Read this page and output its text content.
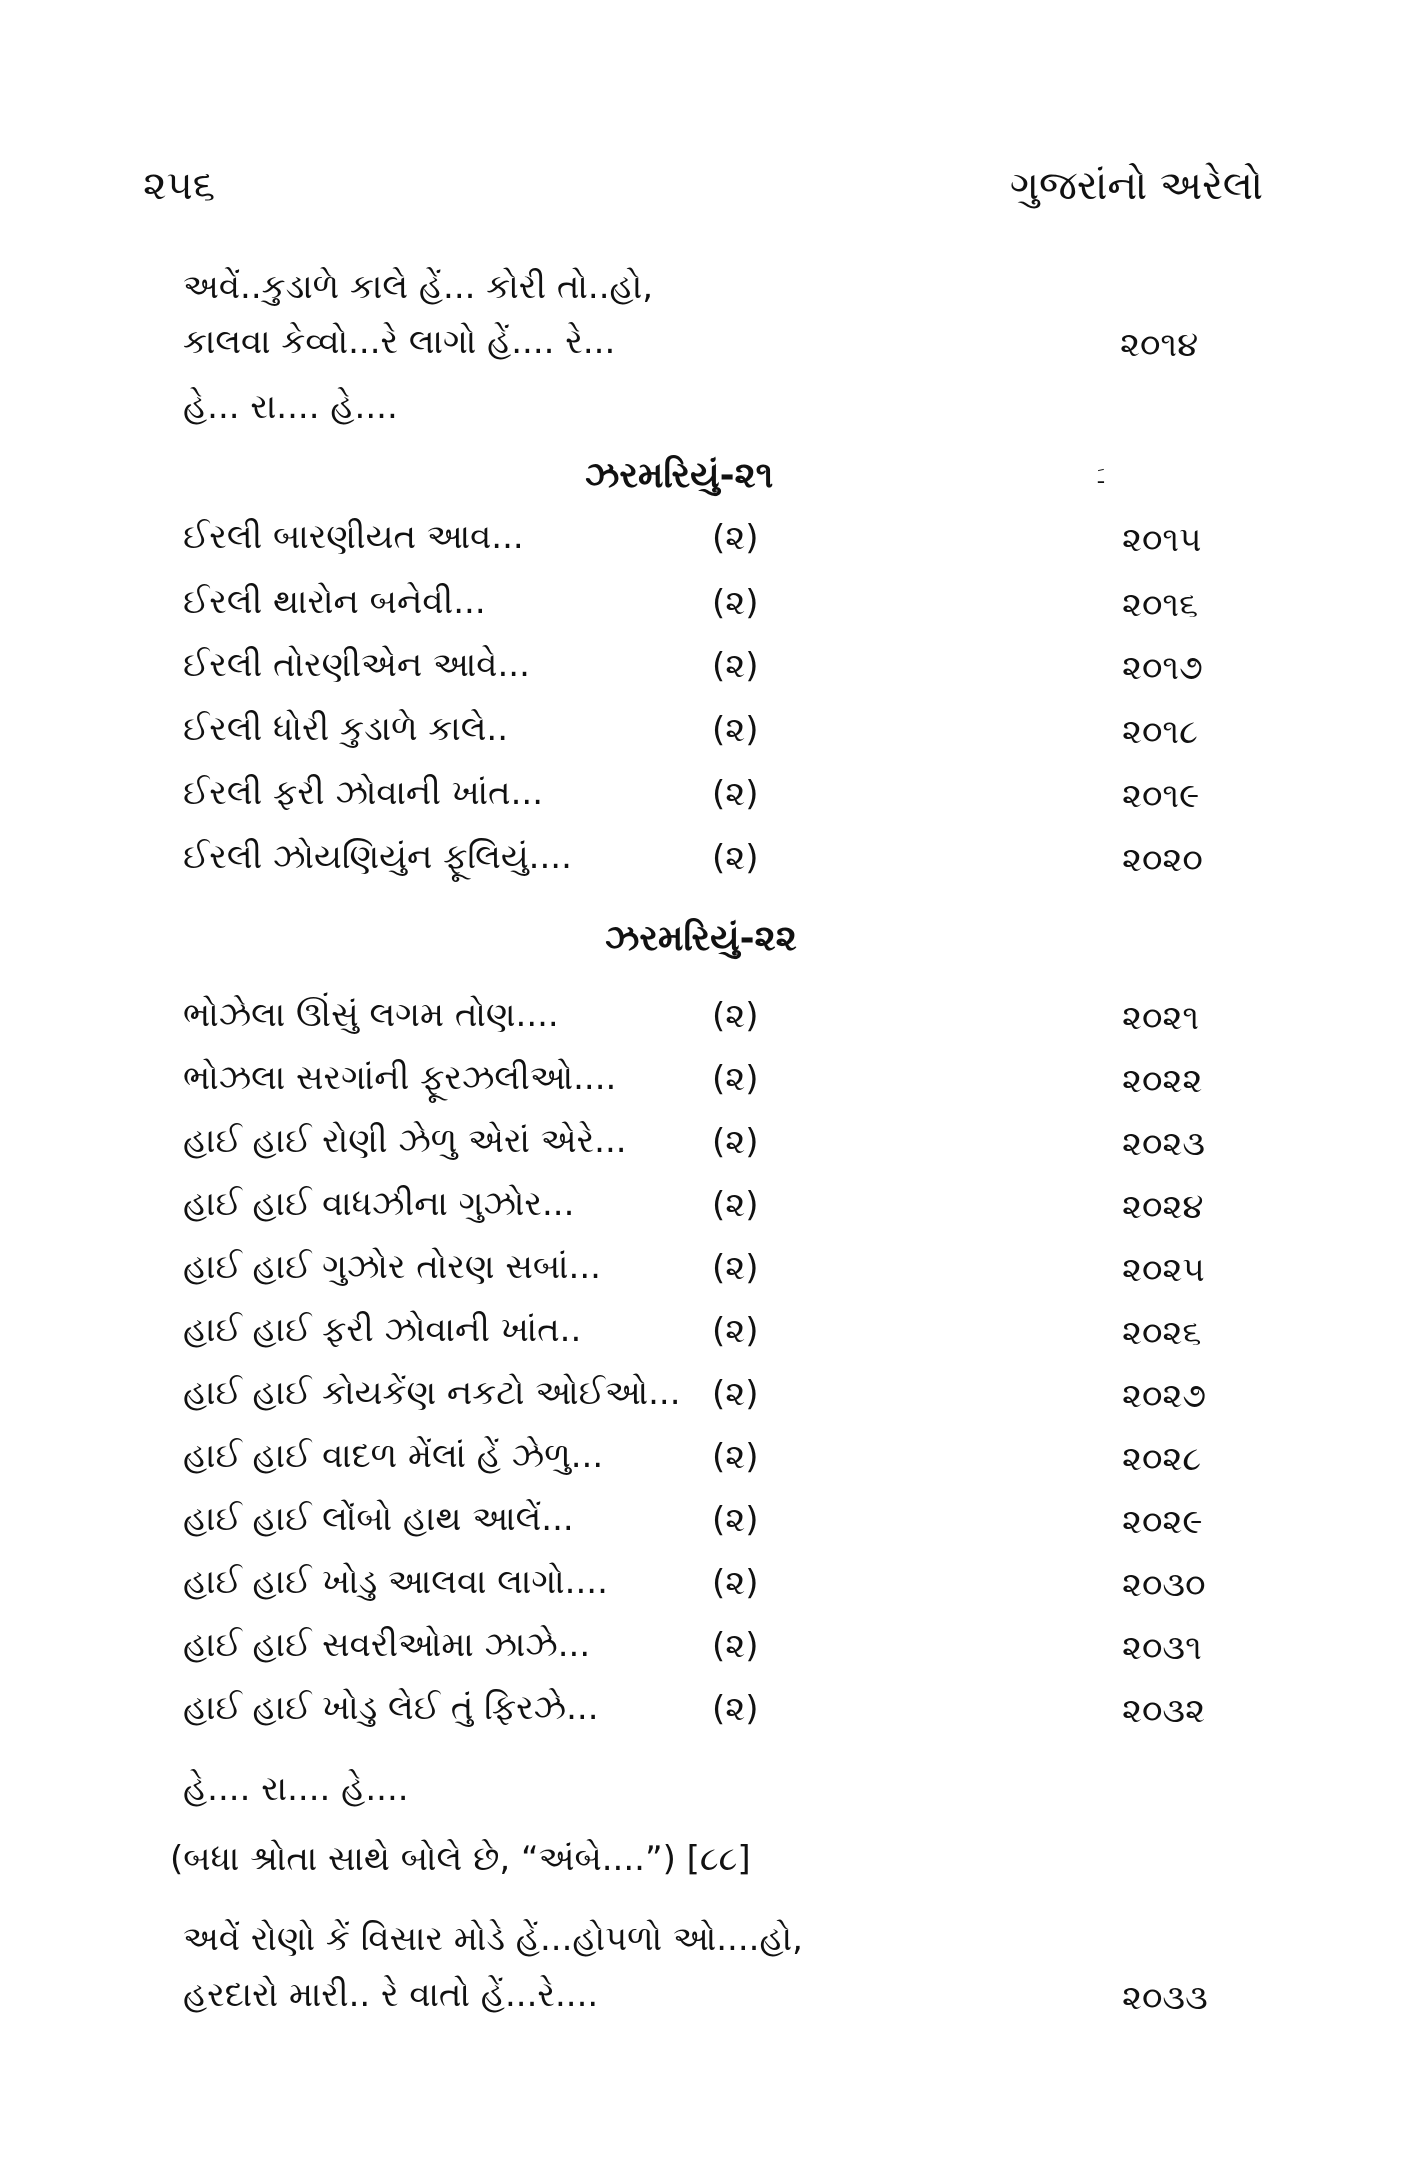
૨૫૬	ગુજરાંનો અરેલો
અવેં..કુડાળે કાલે હેં... કોરી તો..હો,
કાલવા કેવ્વો...રે લાગો હેં.... રે...	૨૦૧૪
હે... રા.... હે....
ઝરમરિયું-૨૧	ﹷ
ઈરલી બારણીયત આવ...	(૨)	૨૦૧૫
ઈરલી થારોન બનેવી...	(૨)	૨૦૧૬
ઈરલી તોરણીએન આવે...	(૨)	૨૦૧૭
ઈરલી ધોરી કુડાળે કાલે..	(૨)	૨૦૧૮
ઈરલી ફરી ઝોવાની ખાંત...	(૨)	૨૦૧૯
ઈરલી ઝોયણિયુંન ફૂલિયું....	(૨)	૨૦૨૦
ઝરમરિયું-૨૨
ભોઝેલા ઊંસું લગમ તોણ....	(૨)	૨૦૨૧
ભોઝલા સરગાંની ફૂરઝલીઓ....	(૨)	૨૦૨૨
હાઈ હાઈ રોણી ઝેળુ એરાં એરે...	(૨)	૨૦૨૩
હાઈ હાઈ વાધઝીના ગુઝોર...	(૨)	૨૦૨૪
હાઈ હાઈ ગુઝોર તોરણ સબાં...	(૨)	૨૦૨૫
હાઈ હાઈ ફરી ઝોવાની ખાંત..	(૨)	૨૦૨૬
હાઈ હાઈ કોયકેંણ નકટો ઓઈઓ... (૨)	૨૦૨૭
હાઈ હાઈ વાદળ મેંલાં હેં ઝેળુ...	(૨)	૨૦૨૮
હાઈ હાઈ લોંબો હાથ આલેં...	(૨)	૨૦૨૯
હાઈ હાઈ ખોડુ આલવા લાગો....	(૨)	૨૦૩૦
હાઈ હાઈ સવરીઓમા ઝાઝે...	(૨)	૨૦૩૧
હાઈ હાઈ ખોડુ લેઈ તું ફિરઝે...	(૨)	૨૦૩૨
હે.... રા.... હે....
(બધા શ્રોતા સાથે બોલે છે, “અંબે....”) [૮૮]
અવેં રોણો કેં વિસાર મોડે હેં...હોપળો ઓ....હો,
હરદારો મારી.. રે વાતો હેં...રે....	૨૦૩૩
